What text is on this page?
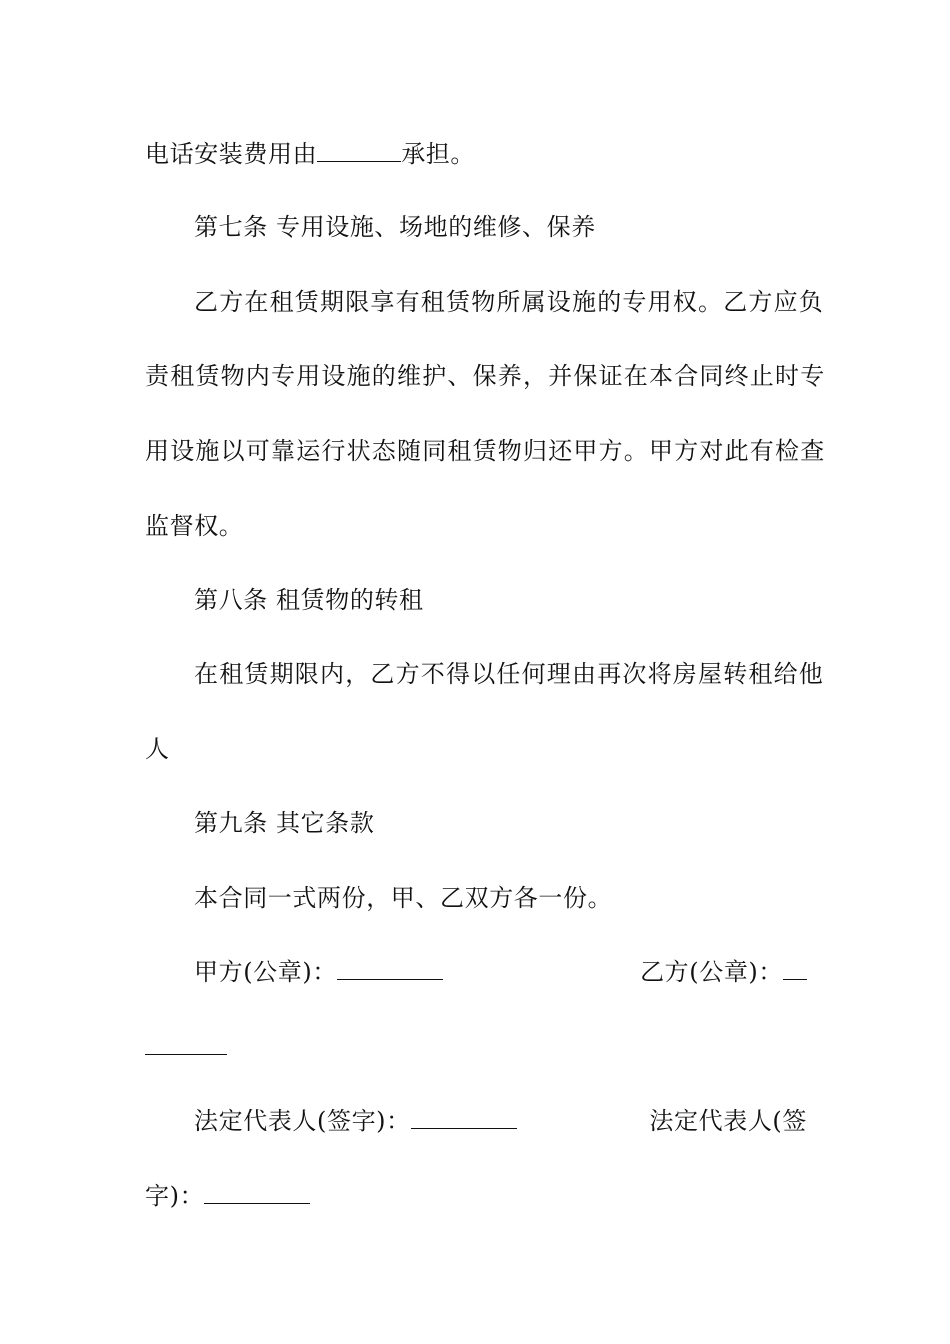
电话安装费用由	承担。
第七条 专用设施、场地的维修、保养
乙方在租赁期限享有租赁物所属设施的专用权。乙方应负
责租赁物内专用设施的维护、保养，并保证在本合同终止时专
用设施以可靠运行状态随同租赁物归还甲方。甲方对此有检查
监督权。
第八条 租赁物的转租
在租赁期限内，乙方不得以任何理由再次将房屋转租给他
人
第九条 其它条款
本合同一式两份，甲、乙双方各一份。
甲方(公章)：	乙方(公章)：
法定代表人(签字)：	法定代表人(签
字)：
